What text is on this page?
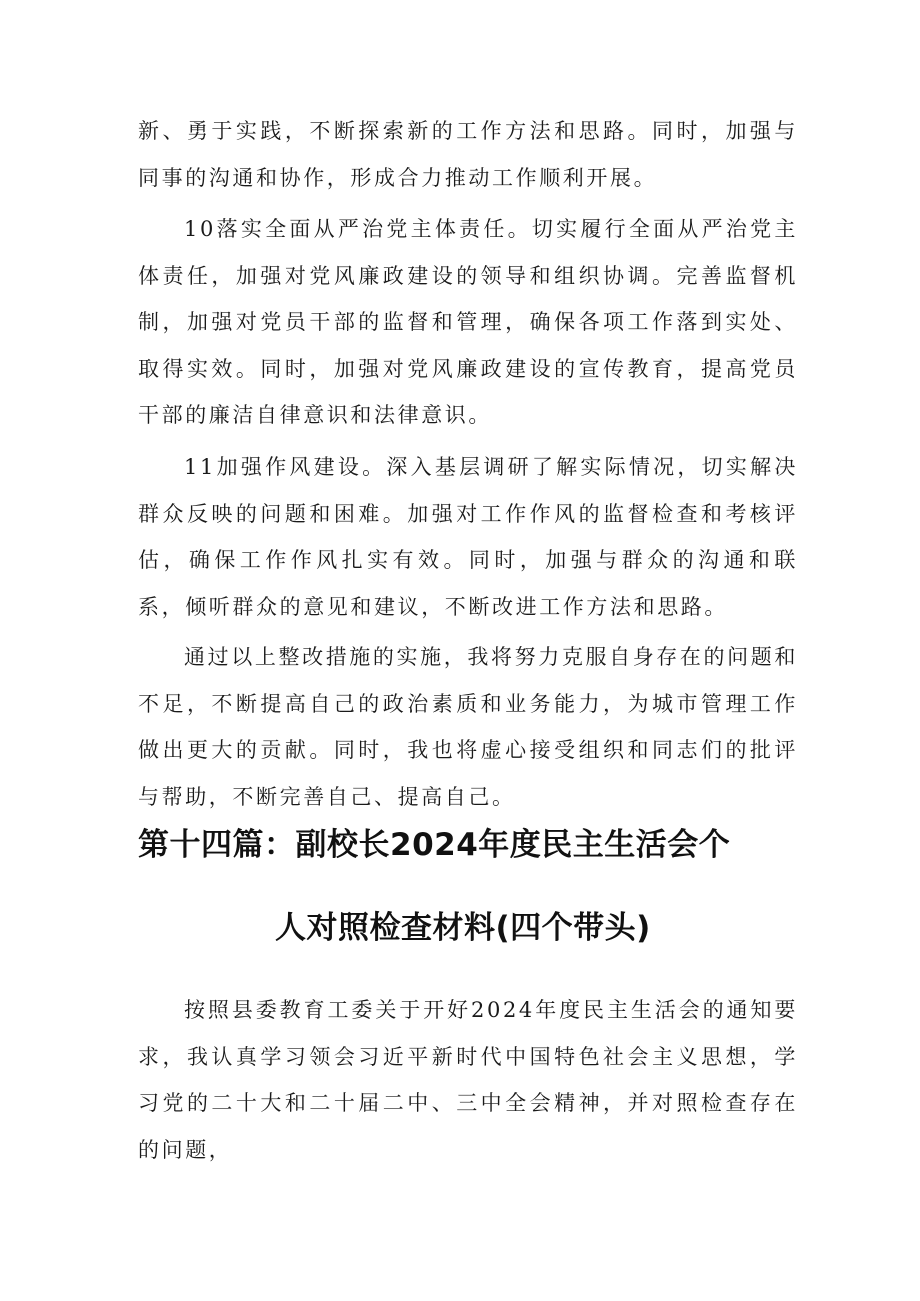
新、勇于实践，不断探索新的工作方法和思路。同时，加强与同事的沟通和协作，形成合力推动工作顺利开展。

10落实全面从严治党主体责任。切实履行全面从严治党主体责任，加强对党风廉政建设的领导和组织协调。完善监督机制，加强对党员干部的监督和管理，确保各项工作落到实处、取得实效。同时，加强对党风廉政建设的宣传教育，提高党员干部的廉洁自律意识和法律意识。

11加强作风建设。深入基层调研了解实际情况，切实解决群众反映的问题和困难。加强对工作作风的监督检查和考核评估，确保工作作风扎实有效。同时，加强与群众的沟通和联系，倾听群众的意见和建议，不断改进工作方法和思路。

通过以上整改措施的实施，我将努力克服自身存在的问题和不足，不断提高自己的政治素质和业务能力，为城市管理工作做出更大的贡献。同时，我也将虚心接受组织和同志们的批评与帮助，不断完善自己、提高自己。

第十四篇：副校长2024年度民主生活会个
人对照检查材料(四个带头)

按照县委教育工委关于开好2024年度民主生活会的通知要求，我认真学习领会习近平新时代中国特色社会主义思想，学习党的二十大和二十届二中、三中全会精神，并对照检查存在的问题，
